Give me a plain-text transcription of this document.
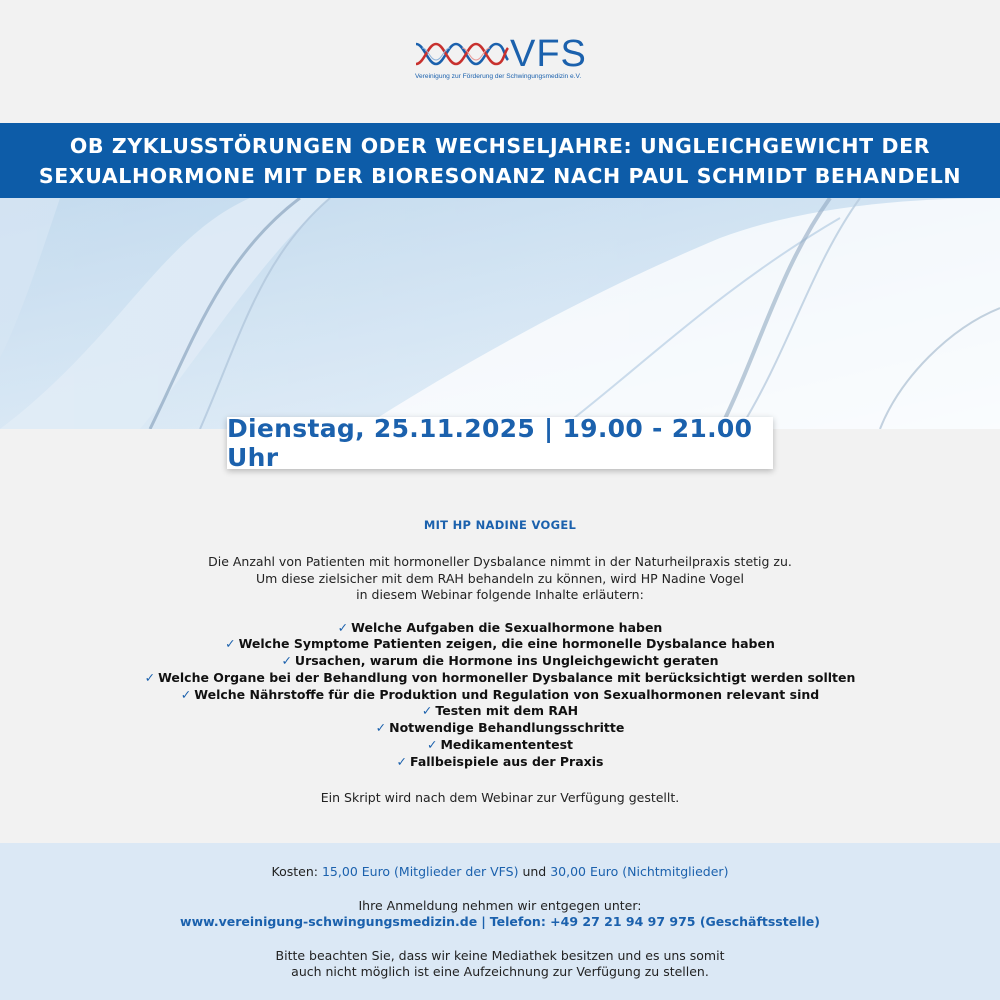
VFS
Vereinigung zur Förderung der Schwingungsmedizin e.V.
OB ZYKLUSSTÖRUNGEN ODER WECHSELJAHRE: UNGLEICHGEWICHT DER
SEXUALHORMONE MIT DER BIORESONANZ NACH PAUL SCHMIDT BEHANDELN
Dienstag, 25.11.2025 | 19.00 - 21.00 Uhr

MIT HP NADINE VOGEL

Die Anzahl von Patienten mit hormoneller Dysbalance nimmt in der Naturheilpraxis stetig zu.
Um diese zielsicher mit dem RAH behandeln zu können, wird HP Nadine Vogel
in diesem Webinar folgende Inhalte erläutern:
✓ Welche Aufgaben die Sexualhormone haben
✓ Welche Symptome Patienten zeigen, die eine hormonelle Dysbalance haben
✓ Ursachen, warum die Hormone ins Ungleichgewicht geraten
✓ Welche Organe bei der Behandlung von hormoneller Dysbalance mit berücksichtigt werden sollten
✓ Welche Nährstoffe für die Produktion und Regulation von Sexualhormonen relevant sind
✓ Testen mit dem RAH
✓ Notwendige Behandlungsschritte
✓ Medikamententest
✓ Fallbeispiele aus der Praxis

Ein Skript wird nach dem Webinar zur Verfügung gestellt.

Kosten: 15,00 Euro (Mitglieder der VFS) und 30,00 Euro (Nichtmitglieder)
Ihre Anmeldung nehmen wir entgegen unter:
www.vereinigung-schwingungsmedizin.de | Telefon: +49 27 21 94 97 975 (Geschäftsstelle)
Bitte beachten Sie, dass wir keine Mediathek besitzen und es uns somit
auch nicht möglich ist eine Aufzeichnung zur Verfügung zu stellen.
